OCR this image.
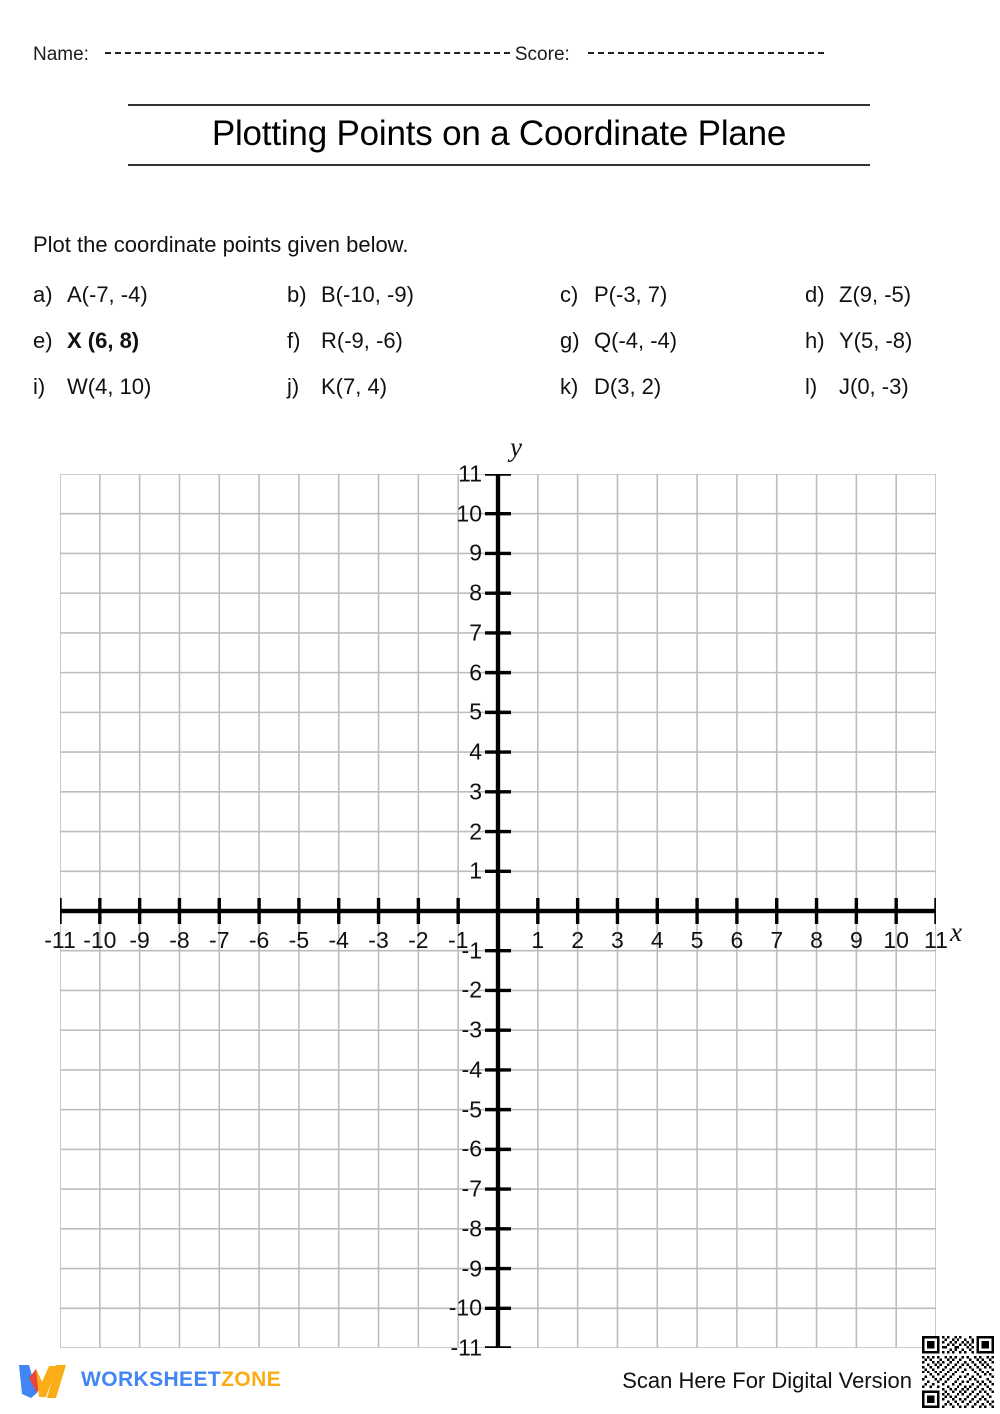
Name:	Score:
Plotting Points on a Coordinate Plane
Plot the coordinate points given below.
a) A(-7, -4)	b) B(-10, -9)	c) P(-3, 7)	d) Z(9, -5)
e) X (6, 8)	f) R(-9, -6)	g) Q(-4, -4)	h) Y(5, -8)
i) W(4, 10)	j) K(7, 4)	k) D(3, 2)	l) J(0, -3)
-11 -10 -9 -8 -7 -6 -5 -4 -3 -2 -1	1 2 3 4 5 6 7 8 9 10 11
11
10
9
8
7
6
5
4
3
2
1
-1
-2
-3
-4
-5
-6
-7
-8
-9
-10
-11
x
y
WORKSHEETZONE	Scan Here For Digital Version
